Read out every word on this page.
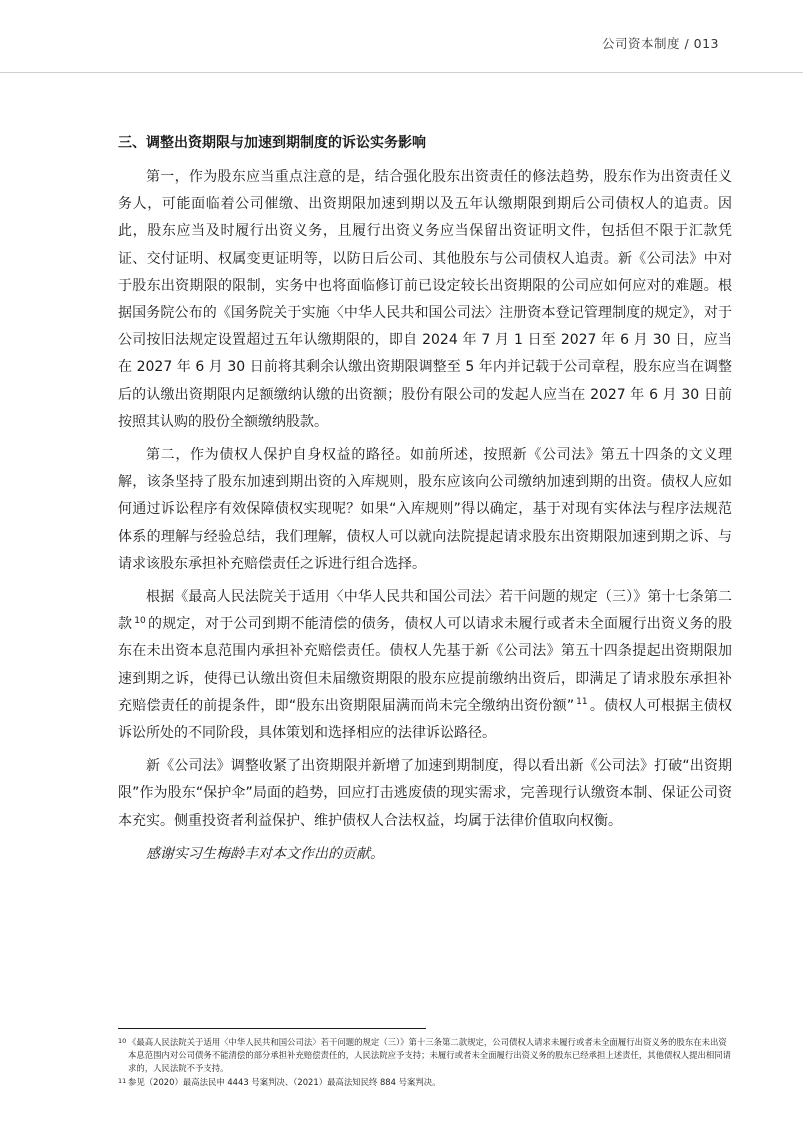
公司资本制度 / 013
三、调整出资期限与加速到期制度的诉讼实务影响

第一，作为股东应当重点注意的是，结合强化股东出资责任的修法趋势，股东作为出资责任义务人，可能面临着公司催缴、出资期限加速到期以及五年认缴期限到期后公司债权人的追责。因此，股东应当及时履行出资义务，且履行出资义务应当保留出资证明文件，包括但不限于汇款凭证、交付证明、权属变更证明等，以防日后公司、其他股东与公司债权人追责。新《公司法》中对于股东出资期限的限制，实务中也将面临修订前已设定较长出资期限的公司应如何应对的难题。根据国务院公布的《国务院关于实施〈中华人民共和国公司法〉注册资本登记管理制度的规定》，对于公司按旧法规定设置超过五年认缴期限的，即自 2024 年 7 月 1 日至 2027 年 6 月 30 日，应当在 2027 年 6 月 30 日前将其剩余认缴出资期限调整至 5 年内并记载于公司章程，股东应当在调整后的认缴出资期限内足额缴纳认缴的出资额；股份有限公司的发起人应当在 2027 年 6 月 30 日前按照其认购的股份全额缴纳股款。

第二，作为债权人保护自身权益的路径。如前所述，按照新《公司法》第五十四条的文义理解，该条坚持了股东加速到期出资的入库规则，股东应该向公司缴纳加速到期的出资。债权人应如何通过诉讼程序有效保障债权实现呢？如果“入库规则”得以确定，基于对现有实体法与程序法规范体系的理解与经验总结，我们理解，债权人可以就向法院提起请求股东出资期限加速到期之诉、与请求该股东承担补充赔偿责任之诉进行组合选择。

根据《最高人民法院关于适用〈中华人民共和国公司法〉若干问题的规定（三）》第十七条第二款 $^{10}$ 的规定，对于公司到期不能清偿的债务，债权人可以请求未履行或者未全面履行出资义务的股东在未出资本息范围内承担补充赔偿责任。债权人先基于新《公司法》第五十四条提起出资期限加速到期之诉，使得已认缴出资但未届缴资期限的股东应提前缴纳出资后，即满足了请求股东承担补充赔偿责任的前提条件，即“股东出资期限届满而尚未完全缴纳出资份额” $^{11}$ 。债权人可根据主债权诉讼所处的不同阶段，具体策划和选择相应的法律诉讼路径。

新《公司法》调整收紧了出资期限并新增了加速到期制度，得以看出新《公司法》打破“出资期限”作为股东“保护伞”局面的趋势，回应打击逃废债的现实需求，完善现行认缴资本制、保证公司资本充实。侧重投资者利益保护、维护债权人合法权益，均属于法律价值取向权衡。

感谢实习生梅龄丰对本文作出的贡献。

10 《最高人民法院关于适用〈中华人民共和国公司法〉若干问题的规定（三）》第十三条第二款规定，公司债权人请求未履行或者未全面履行出资义务的股东在未出资本息范围内对公司债务不能清偿的部分承担补充赔偿责任的，人民法院应予支持；未履行或者未全面履行出资义务的股东已经承担上述责任，其他债权人提出相同请求的，人民法院不予支持。
11 参见（2020）最高法民申 4443 号案判决、（2021）最高法知民终 884 号案判决。
